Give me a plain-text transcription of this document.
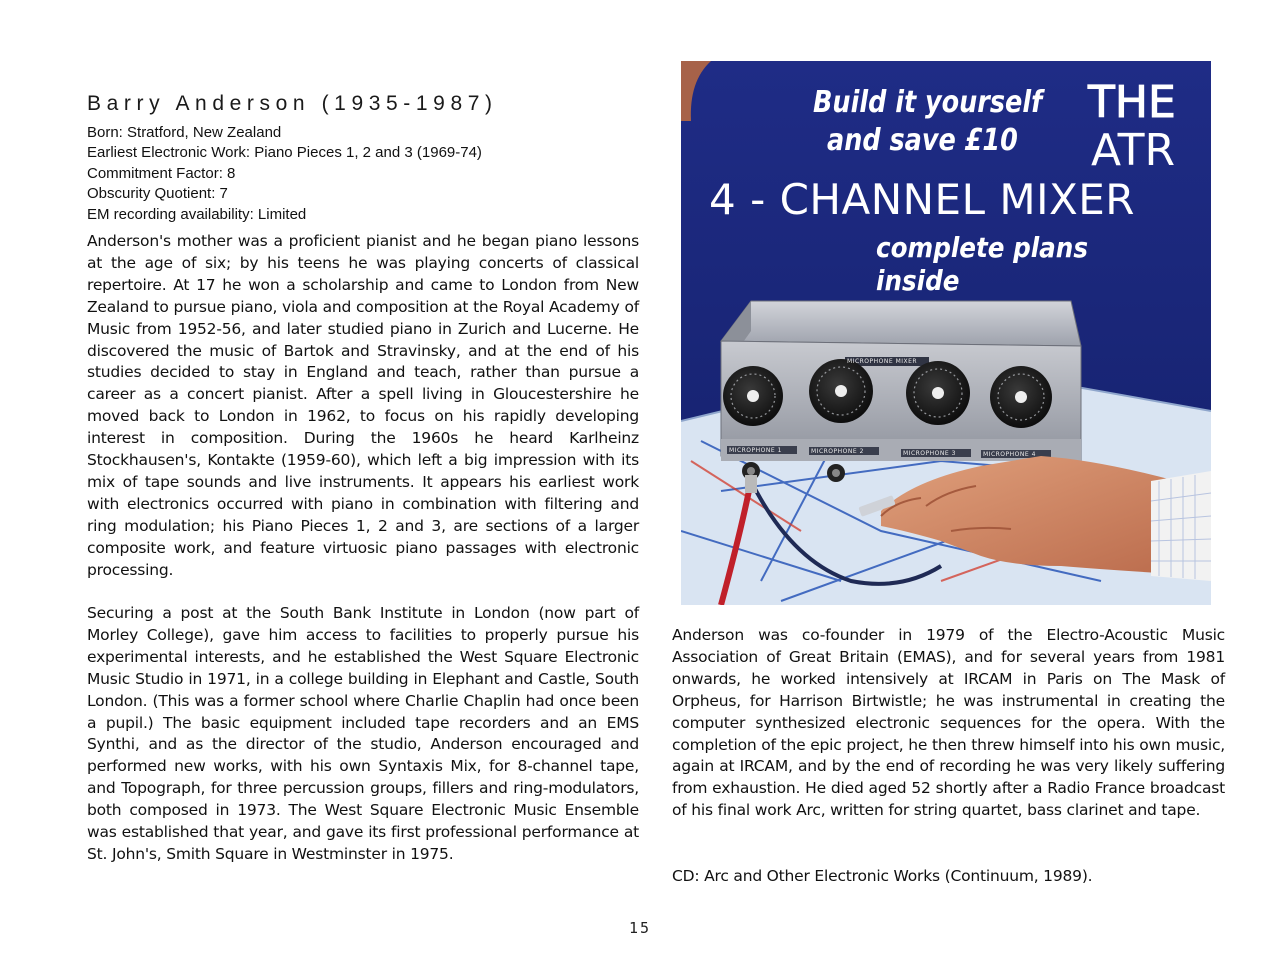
Barry Anderson (1935-1987)
Born: Stratford, New Zealand
Earliest Electronic Work: Piano Pieces 1, 2 and 3 (1969-74)
Commitment Factor: 8
Obscurity Quotient: 7
EM recording availability: Limited

Anderson's mother was a proficient pianist and he began piano lessons at the age of six; by his teens he was playing concerts of classical repertoire. At 17 he won a scholarship and came to London from New Zealand to pursue piano, viola and composition at the Royal Academy of Music from 1952-56, and later studied piano in Zurich and Lucerne. He discovered the music of Bartok and Stravinsky, and at the end of his studies decided to stay in England and teach, rather than pursue a career as a concert pianist. After a spell living in Gloucestershire he moved back to London in 1962, to focus on his rapidly developing interest in composition. During the 1960s he heard Karlheinz Stockhausen's, Kontakte (1959-60), which left a big impression with its mix of tape sounds and live instruments. It appears his earliest work with electronics occurred with piano in combination with filtering and ring modulation; his Piano Pieces 1, 2 and 3, are sections of a larger composite work, and feature virtuosic piano passages with electronic processing.

Securing a post at the South Bank Institute in London (now part of Morley College), gave him access to facilities to properly pursue his experimental interests, and he established the West Square Electronic Music Studio in 1971, in a college building in Elephant and Castle, South London. (This was a former school where Charlie Chaplin had once been a pupil.) The basic equipment included tape recorders and an EMS Synthi, and as the director of the studio, Anderson encouraged and performed new works, with his own Syntaxis Mix, for 8-channel tape, and Topograph, for three percussion groups, fillers and ring-modulators, both composed in 1973. The West Square Electronic Music Ensemble was established that year, and gave its first professional performance at St. John's, Smith Square in Westminster in 1975.

Anderson was co-founder in 1979 of the Electro-Acoustic Music Association of Great Britain (EMAS), and for several years from 1981 onwards, he worked intensively at IRCAM in Paris on The Mask of Orpheus, for Harrison Birtwistle; he was instrumental in creating the computer synthesized electronic sequences for the opera. With the completion of the epic project, he then threw himself into his own music, again at IRCAM, and by the end of recording he was very likely suffering from exhaustion. He died aged 52 shortly after a Radio France broadcast of his final work Arc, written for string quartet, bass clarinet and tape.

CD: Arc and Other Electronic Works (Continuum, 1989).

Build it yourself
and save £10
THE
ATR
4 - CHANNEL MIXER
complete plans inside
MICROPHONE MIXER
MICROPHONE 1	MICROPHONE 2	MICROPHONE 3	MICROPHONE 4
15
